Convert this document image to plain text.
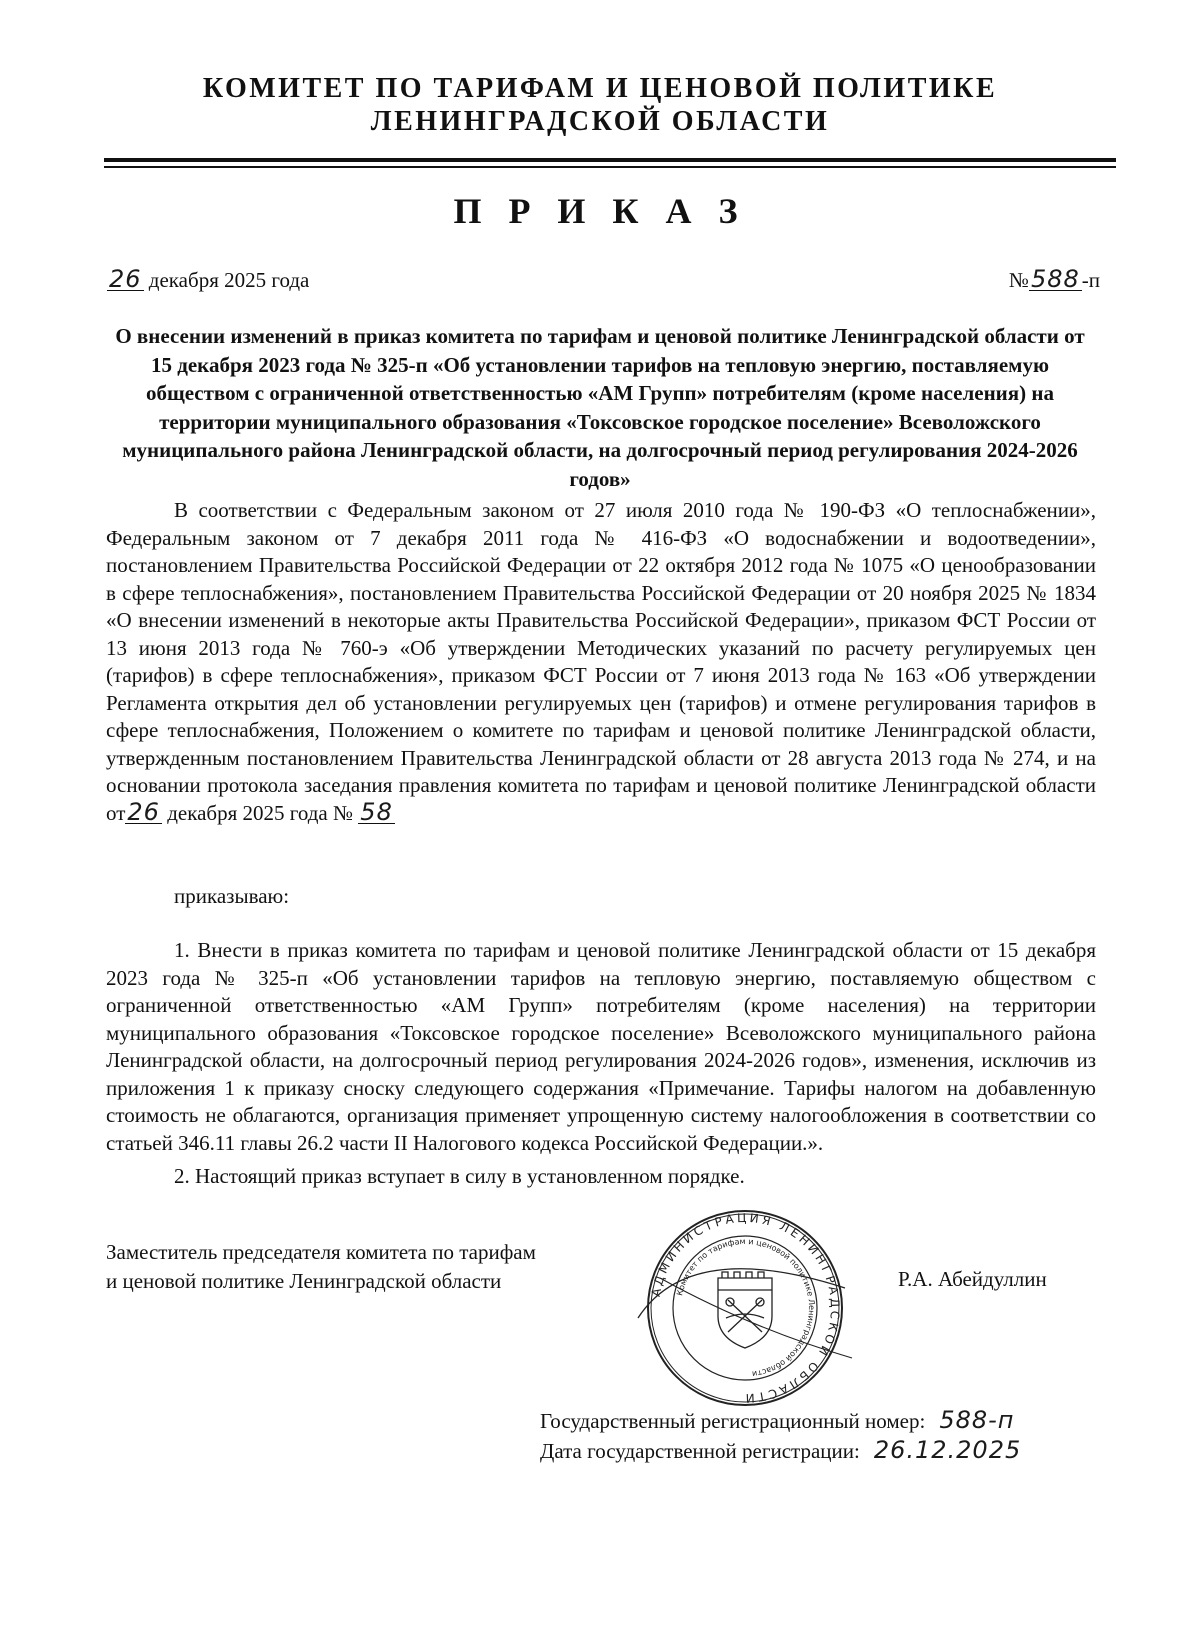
КОМИТЕТ ПО ТАРИФАМ И ЦЕНОВОЙ ПОЛИТИКЕ
ЛЕНИНГРАДСКОЙ ОБЛАСТИ
П Р И К А З
26 декабря 2025 года	№588-п
О внесении изменений в приказ комитета по тарифам и ценовой политике Ленинградской области от 15 декабря 2023 года № 325-п «Об установлении тарифов на тепловую энергию, поставляемую обществом с ограниченной ответственностью «АМ Групп» потребителям (кроме населения) на территории муниципального образования «Токсовское городское поселение» Всеволожского муниципального района Ленинградской области, на долгосрочный период регулирования 2024-2026 годов»
В соответствии с Федеральным законом от 27 июля 2010 года № 190-ФЗ «О теплоснабжении», Федеральным законом от 7 декабря 2011 года № 416-ФЗ «О водоснабжении и водоотведении», постановлением Правительства Российской Федерации от 22 октября 2012 года № 1075 «О ценообразовании в сфере теплоснабжения», постановлением Правительства Российской Федерации от 20 ноября 2025 № 1834 «О внесении изменений в некоторые акты Правительства Российской Федерации», приказом ФСТ России от 13 июня 2013 года № 760-э «Об утверждении Методических указаний по расчету регулируемых цен (тарифов) в сфере теплоснабжения», приказом ФСТ России от 7 июня 2013 года № 163 «Об утверждении Регламента открытия дел об установлении регулируемых цен (тарифов) и отмене регулирования тарифов в сфере теплоснабжения, Положением о комитете по тарифам и ценовой политике Ленинградской области, утвержденным постановлением Правительства Ленинградской области от 28 августа 2013 года № 274, и на основании протокола заседания правления комитета по тарифам и ценовой политике Ленинградской области от26 декабря 2025 года № 58
приказываю:
1. Внести в приказ комитета по тарифам и ценовой политике Ленинградской области от 15 декабря 2023 года № 325-п «Об установлении тарифов на тепловую энергию, поставляемую обществом с ограниченной ответственностью «АМ Групп» потребителям (кроме населения) на территории муниципального образования «Токсовское городское поселение» Всеволожского муниципального района Ленинградской области, на долгосрочный период регулирования 2024-2026 годов», изменения, исключив из приложения 1 к приказу сноску следующего содержания «Примечание. Тарифы налогом на добавленную стоимость не облагаются, организация применяет упрощенную систему налогообложения в соответствии со статьей 346.11 главы 26.2 части II Налогового кодекса Российской Федерации.».
2. Настоящий приказ вступает в силу в установленном порядке.
Заместитель председателя комитета по тарифам
и ценовой политике Ленинградской области	АДМИНИСТРАЦИЯ ЛЕНИНГРАДСКОЙ ОБЛАСТИ
Комитет по тарифам и ценовой политике Ленинградской области
Р.А. Абейдуллин
Государственный регистрационный номер: 588-п
Дата государственной регистрации: 26.12.2025
